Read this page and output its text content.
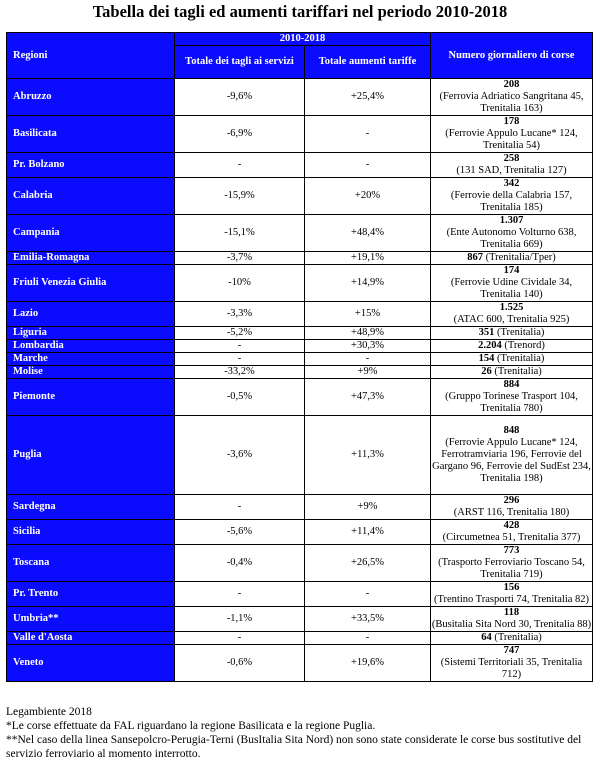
Tabella dei tagli ed aumenti tariffari nel periodo 2010-2018
Regioni	2010-2018		Numero giornaliero di corse
	Totale dei tagli ai servizi	Totale aumenti tariffe	
Abruzzo	-9,6%	+25,4%	208
(Ferrovia Adriatico Sangritana 45, Trenitalia 163)
Basilicata	-6,9%	-	178
(Ferrovie Appulo Lucane* 124, Trenitalia 54)
Pr. Bolzano	-	-	258
(131 SAD, Trenitalia 127)
Calabria	-15,9%	+20%	342
(Ferrovie della Calabria 157, Trenitalia 185)
Campania	-15,1%	+48,4%	1.307
(Ente Autonomo Volturno 638, Trenitalia 669)
Emilia-Romagna	-3,7%	+19,1%	867 (Trenitalia/Tper)
Friuli Venezia Giulia	-10%	+14,9%	174
(Ferrovie Udine Cividale 34, Trenitalia 140)
Lazio	-3,3%	+15%	1.525
(ATAC 600, Trenitalia 925)
Liguria	-5,2%	+48,9%	351 (Trenitalia)
Lombardia	-	+30,3%	2.204 (Trenord)
Marche	-	-	154 (Trenitalia)
Molise	-33,2%	+9%	26 (Trenitalia)
Piemonte	-0,5%	+47,3%	884
(Gruppo Torinese Trasport 104, Trenitalia 780)
Puglia	-3,6%	+11,3%	848
(Ferrovie Appulo Lucane* 124, Ferrotramviaria 196, Ferrovie del Gargano 96, Ferrovie del SudEst 234, Trenitalia 198)
Sardegna	-	+9%	296
(ARST 116, Trenitalia 180)
Sicilia	-5,6%	+11,4%	428
(Circumetnea 51, Trenitalia 377)
Toscana	-0,4%	+26,5%	773
(Trasporto Ferroviario Toscano 54, Trenitalia 719)
Pr. Trento	-	-	156
(Trentino Trasporti 74, Trenitalia 82)
Umbria**	-1,1%	+33,5%	118
(Busitalia Sita Nord 30, Trenitalia 88)
Valle d'Aosta	-	-	64 (Trenitalia)
Veneto	-0,6%	+19,6%	747
(Sistemi Territoriali 35, Trenitalia 712)
Legambiente 2018
*Le corse effettuate da FAL riguardano la regione Basilicata e la regione Puglia.
**Nel caso della linea Sansepolcro-Perugia-Terni (BusItalia Sita Nord) non sono state considerate le corse bus sostitutive del servizio ferroviario al momento interrotto.
